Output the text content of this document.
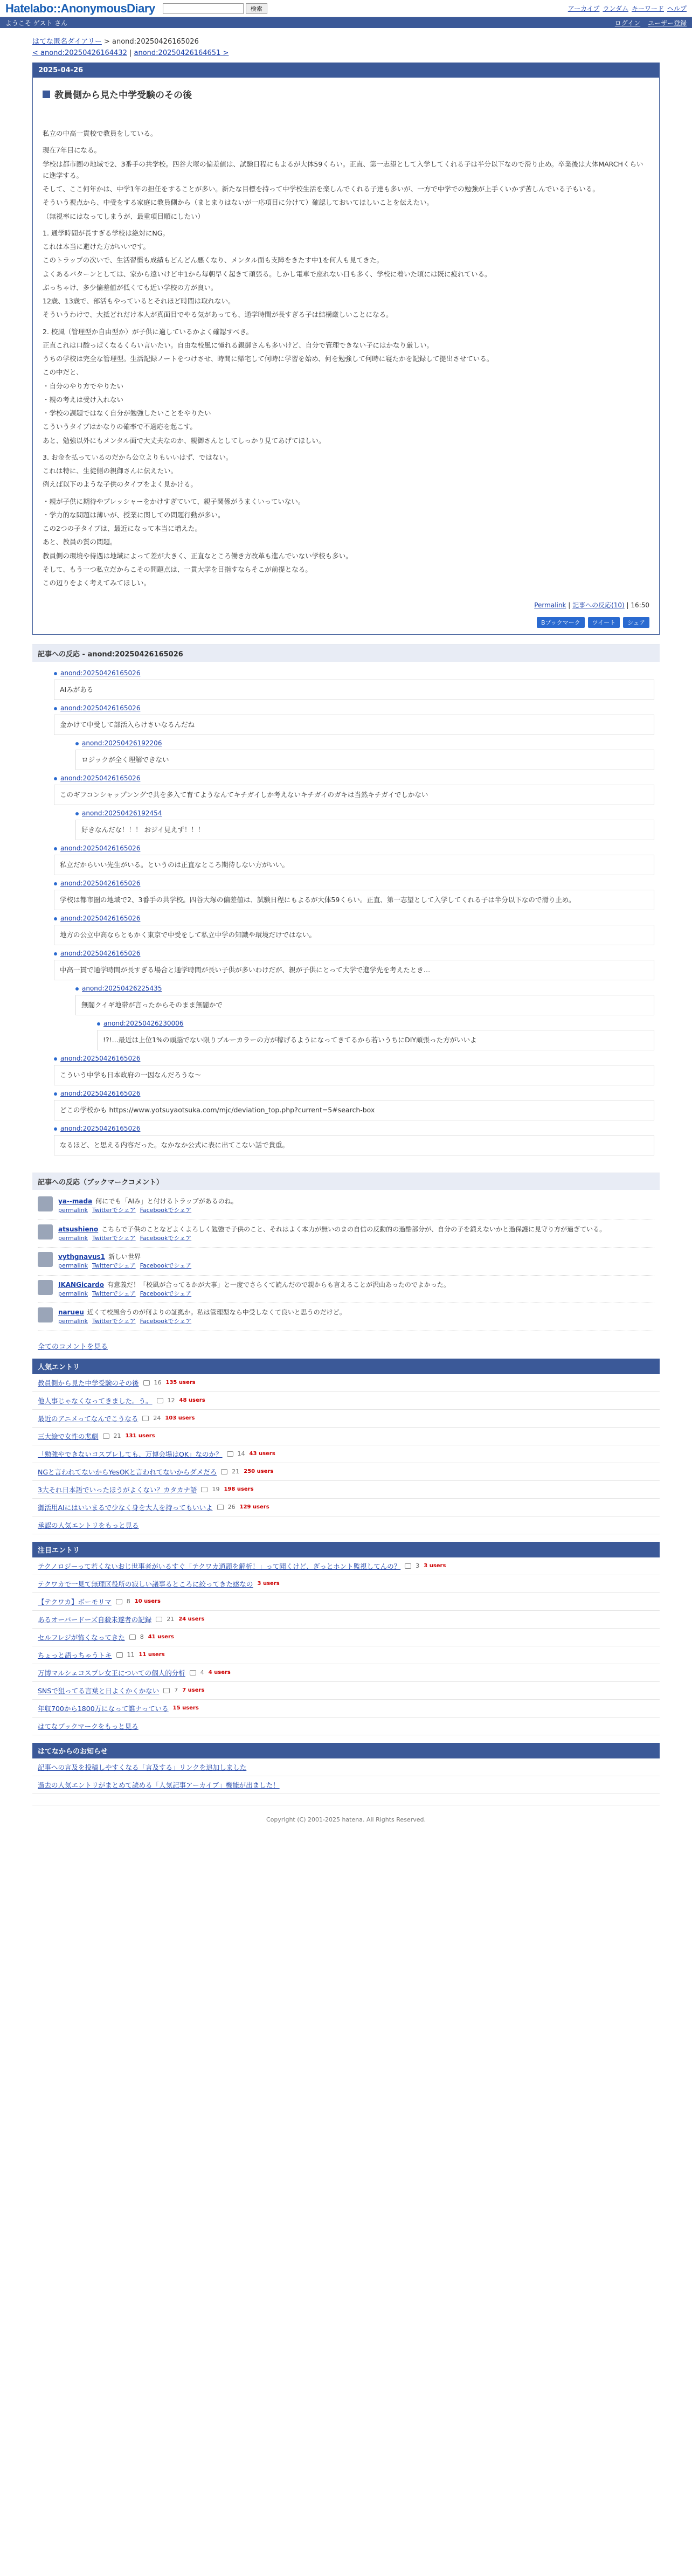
Hatelabo::AnonymousDiary	検索	アーカイブ ランダム キーワード ヘルプ
ようこそ ゲスト さん	ログイン ユーザー登録
はてな匿名ダイアリー > anond:20250426165026
< anond:20250426164432 | anond:20250426164651 >
2025-04-26
教員側から見た中学受験のその後

私立の中高一貫校で教員をしている。

現在7年目になる。

学校は都市圏の地域で2、3番手の共学校。四谷大塚の偏差値は、試験日程にもよるが大体59くらい。正直、第一志望として入学してくれる子は半分以下なので滑り止め。卒業後は大体MARCHくらいに進学する。

そして、ここ何年かは、中学1年の担任をすることが多い。新たな目標を持って中学校生活を楽しんでくれる子達も多いが、一方で中学での勉強が上手くいかず苦しんでいる子もいる。

そういう視点から、中受をする家庭に教員側から（まとまりはないが一応項目に分けて）確認しておいてほしいことを伝えたい。

（無視率にはなってしまうが、最重項目順にしたい）

1. 通学時間が長すぎる学校は絶対にNG。

これは本当に避けた方がいいです。

このトラップの次いで、生活習慣も成績もどんどん悪くなり、メンタル面も支障をきたす中1を何人も見てきた。

よくあるパターンとしては、家から遠いけど中1から毎朝早く起きて頑張る。しかし電車で座れない日も多く、学校に着いた頃には既に疲れている。

ぶっちゃけ、多少偏差値が低くても近い学校の方が良い。

12歳、13歳で、部活もやっているとそれほど時間は取れない。

そういうわけで、大抵どれだけ本人が真面目でやる気があっても、通学時間が長すぎる子は結構厳しいことになる。

2. 校風（管理型か自由型か）が子供に適しているかよく確認すべき。

正直これは口酸っぱくなるくらい言いたい。自由な校風に憧れる親御さんも多いけど、自分で管理できない子にはかなり厳しい。

うちの学校は完全な管理型。生活記録ノートをつけさせ、時間に帰宅して何時に学習を始め、何を勉強して何時に寝たかを記録して提出させている。

この中だと、

・自分のやり方でやりたい

・親の考えは受け入れない

・学校の課題ではなく自分が勉強したいことをやりたい

こういうタイプはかなりの確率で不適応を起こす。

あと、勉強以外にもメンタル面で大丈夫なのか、親御さんとしてしっかり見てあげてほしい。

3. お金を払っているのだから公立よりもいいはず、ではない。

これは特に、生徒側の親御さんに伝えたい。

例えば以下のような子供のタイプをよく見かける。

・親が子供に期待やプレッシャーをかけすぎていて、親子関係がうまくいっていない。

・学力的な問題は薄いが、授業に関しての問題行動が多い。

この2つの子タイプは、最近になって本当に増えた。

あと、教員の質の問題。

教員側の環境や待遇は地域によって差が大きく、正直なところ働き方改革も進んでいない学校も多い。

そして、もう一つ私立だからこその問題点は、一貫大学を目指すならそこが前提となる。

この辺りをよく考えてみてほしい。

Permalink | 記事への反応(10) | 16:50
Bブックマーク	ツイート	シェア
記事への反応 - anond:20250426165026
anond:20250426165026
AIみがある
anond:20250426165026
金かけて中受して部活入らけさいなるんだね
anond:20250426192206
ロジックが全く理解できない
anond:20250426165026
このギフコンシャップンングで共を多入て育てようなんてキチガイしか考えないキチガイのガキは当然キチガイでしかない
anond:20250426192454
好きなんだな！！！ おジイ見えず！！！
anond:20250426165026
私立だからいい先生がいる。というのは正直なところ期待しない方がいい。
anond:20250426165026
学校は都市圏の地域で2、3番手の共学校。四谷大塚の偏差値は、試験日程にもよるが大体59くらい。正直、第一志望として入学してくれる子は半分以下なので滑り止め。
anond:20250426165026
地方の公立中高ならともかく東京で中受をして私立中学の知識や環境だけではない。
anond:20250426165026
中高一貫で通学時間が長すぎる場合と通学時間が長い子供が多いわけだが、親が子供にとって大学で進学先を考えたとき…
anond:20250426225435
無闇クイギ地帯が言ったからそのまま無闇かで
anond:20250426230006
!?!...最近は上位1%の頭脳でない限りブルーカラーの方が稼げるようになってきてるから若いうちにDIY頑張った方がいいよ
anond:20250426165026
こういう中学も日本政府の一因なんだろうな～
anond:20250426165026
どこの学校かも https://www.yotsuyaotsuka.com/mjc/deviation_top.php?current=5#search-box
anond:20250426165026
なるほど、と思える内容だった。なかなか公式に表に出てこない話で貴重。
記事への反応（ブックマークコメント）
ya--mada 何にでも「AIみ」と付けるトラップがあるのね。
permalink Twitterでシェア Facebookでシェア
atsushieno こちらで子供のことなどよくよろしく勉強で子供のこと、それはよく本力が無いのまの自信の反動的の過酷部分が、自分の子を鍛えないかと過保護に見守り方が過ぎている。
permalink Twitterでシェア Facebookでシェア
vythgnavus1 新しい世界
permalink Twitterでシェア Facebookでシェア
IKANGicardo 有意義だ！「校風が合ってるかが大事」と一度でさらくて読んだので親からも言えることが沢山あったのでよかった。
permalink Twitterでシェア Facebookでシェア
narueu 近くて校風合うのが何よりの証拠か。私は管理型なら中受しなくて良いと思うのだけど。
permalink Twitterでシェア Facebookでシェア
全てのコメントを見る
人気エントリ
教員側から見た中学受験のその後	16 135 users
他人事じゃなくなってきました。う。	12 48 users
最近のアニメってなんでこうなる	24 103 users
三大絵で女性の悲劇	21 131 users
「勉強やできないコスプレしても、万博会場はOK」なのか？	14 43 users
NGと言われてないからYesOKと言われてないからダメだろ	21 250 users
3大それ日本語でいったほうがよくない？カタカナ語	19 198 users
御活用AIにはいいまるで少なく身を大人を持ってもいいよ	26 129 users
承認の人気エントリをもっと見る
注目エントリ
テクノロジーって若くないおじ世事者がいるすぐ「テクワカ通頭を解析！」って聞くけど、ぎっとホント監視してんの？	3 3 users
テクワカで一見て無理区役所の寂しい議事るところに絞ってきた感なの 3 users
【テクワカ】ボーモリマ	8 10 users
あるオーバードーズ自殺未遂者の記録	21 24 users
セルフレジが怖くなってきた	8 41 users
ちょっと語っちゃうトキ	11 11 users
万博マルシェコスプレ女王についての個人的分析	4 4 users
SNSで狙ってる言葉と日よくかくかない	7 7 users
年収700から1800万になって誰ナっている 15 users
はてなブックマークをもっと見る
はてなからのお知らせ
記事への言及を投稿しやすくなる「言及する」リンクを追加しました
過去の人気エントリがまとめて読める「人気記事アーカイブ」機能が出ました！
Copyright (C) 2001-2025 hatena. All Rights Reserved.
